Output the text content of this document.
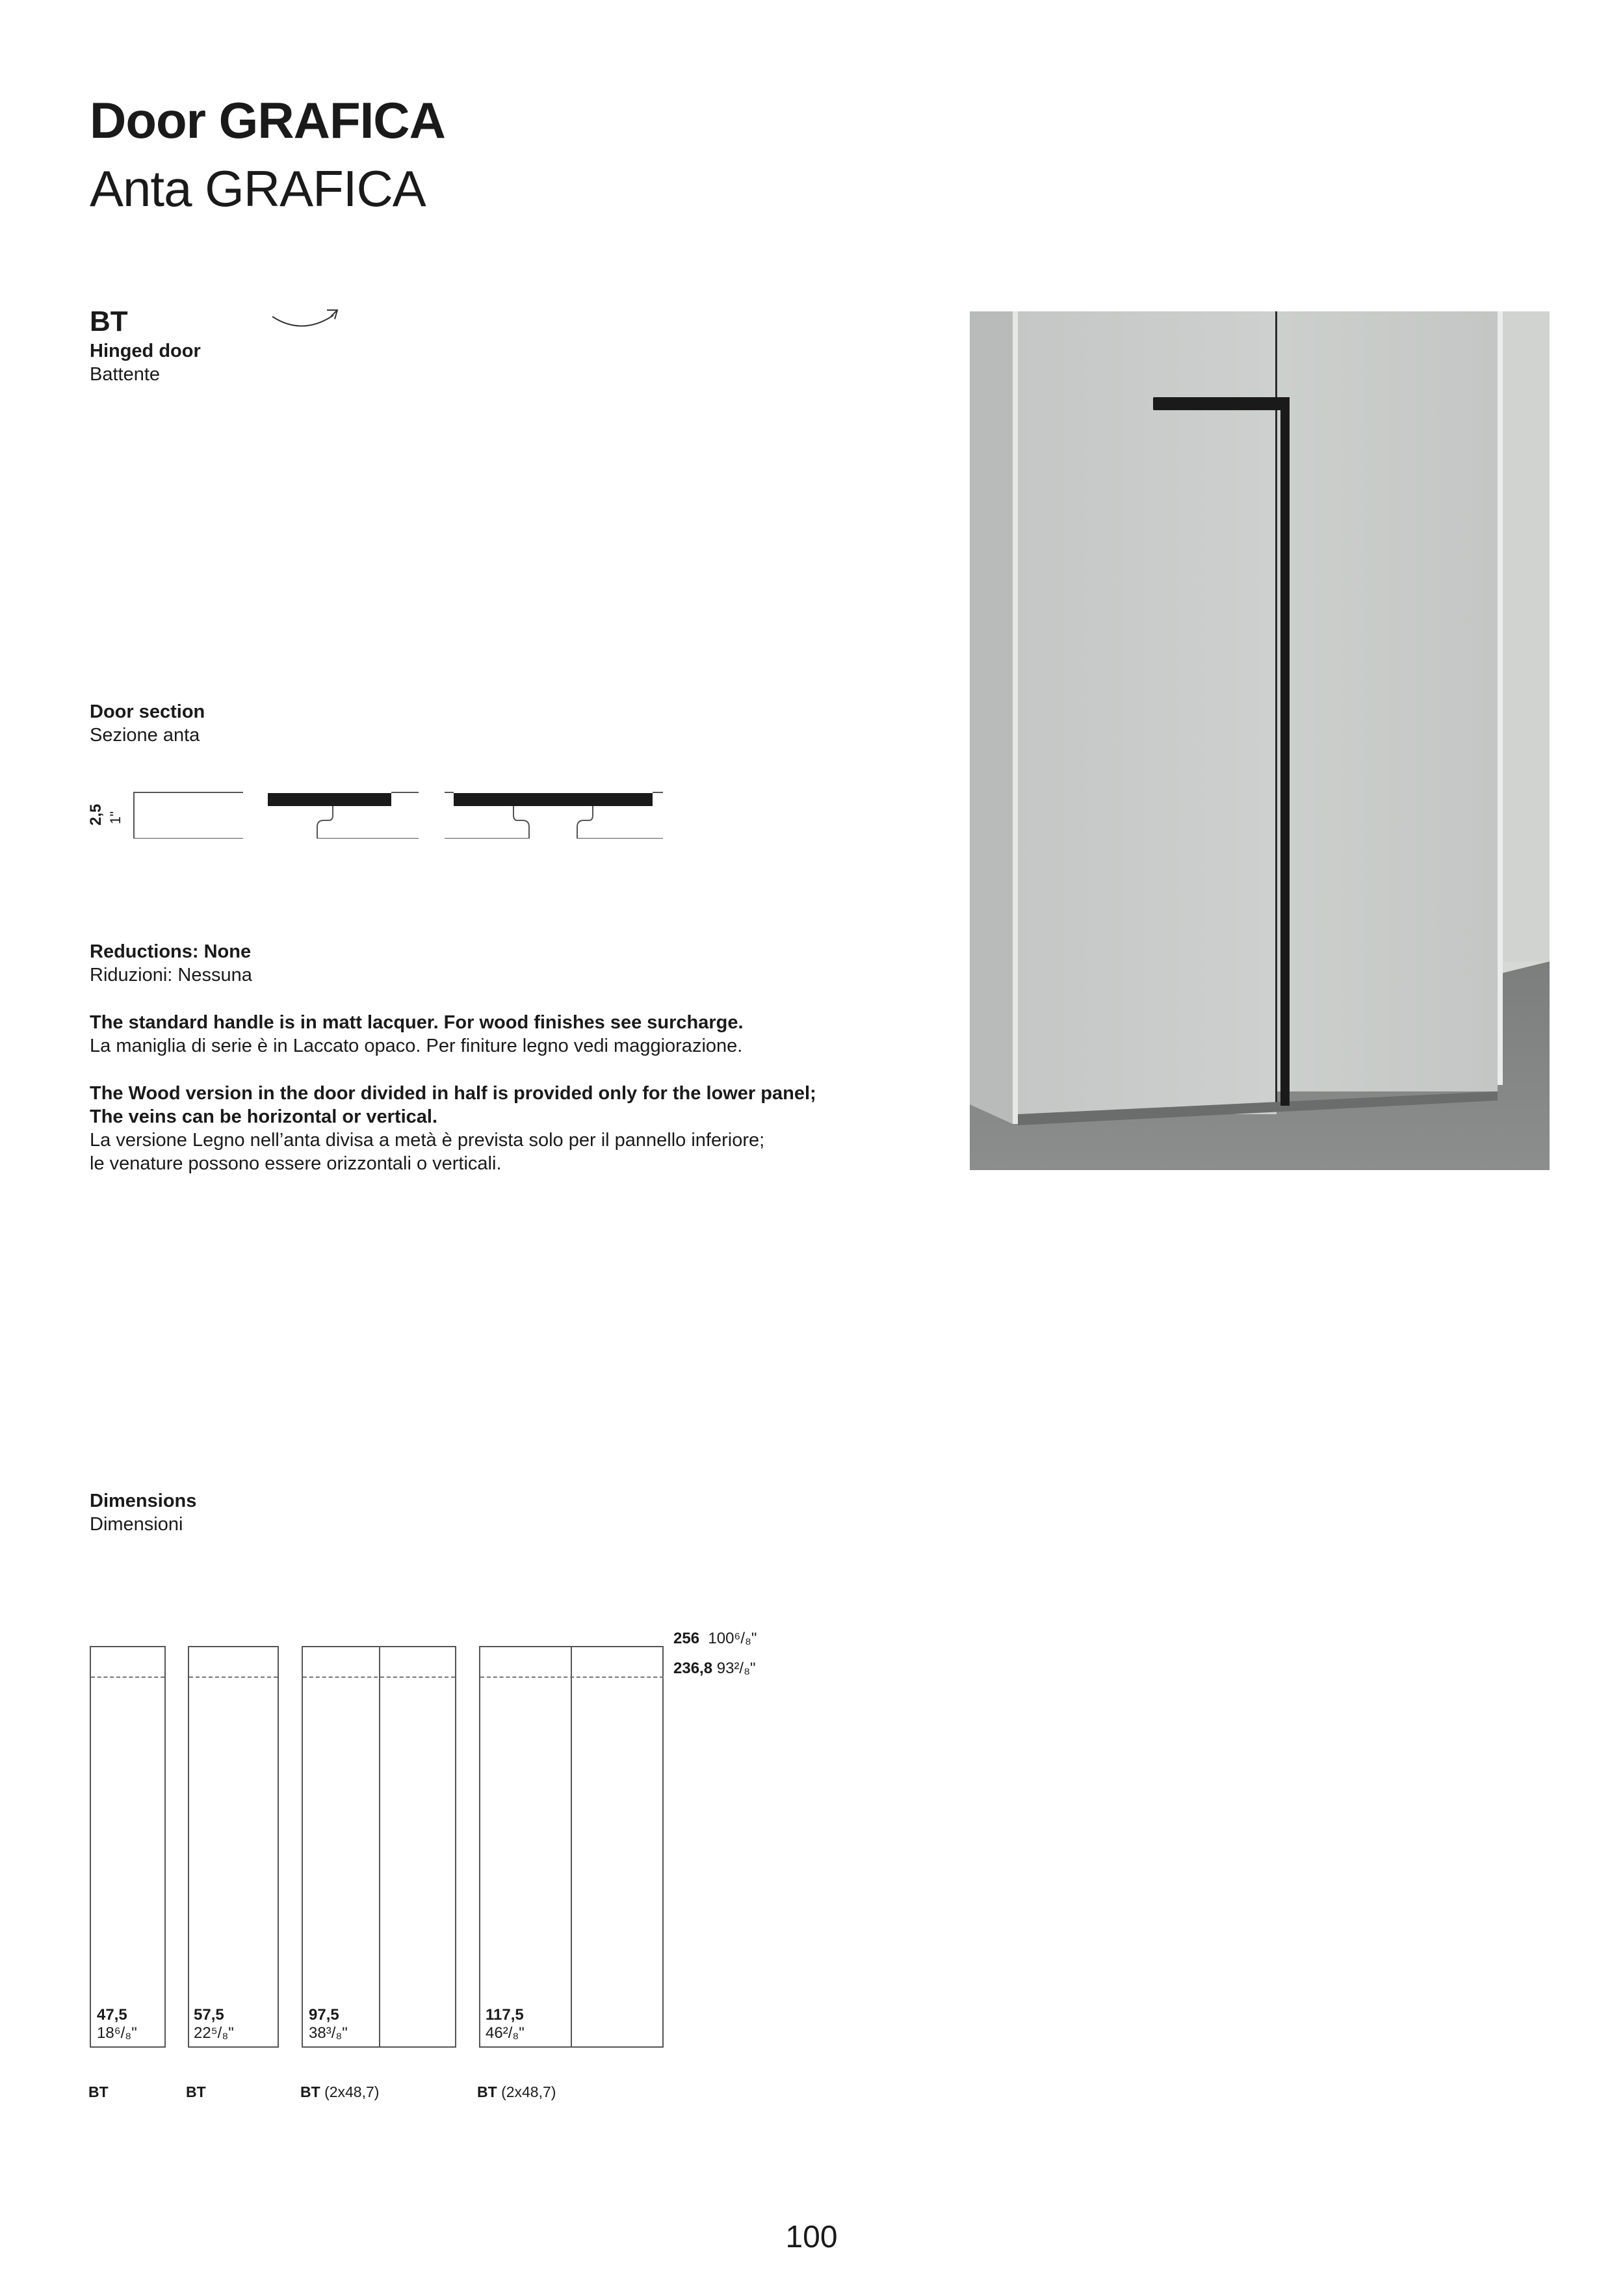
Door GRAFICA
Anta GRAFICA
BT
Hinged door
Battente
Door section
Sezione anta
2,5 1"
Reductions: None
Riduzioni: Nessuna
The standard handle is in matt lacquer. For wood finishes see surcharge.
La maniglia di serie è in Laccato opaco. Per finiture legno vedi maggiorazione.
The Wood version in the door divided in half is provided only for the lower panel;
The veins can be horizontal or vertical.
La versione Legno nell’anta divisa a metà è prevista solo per il pannello inferiore;
le venature possono essere orizzontali o verticali.
Dimensions
Dimensioni
256 100⁶/₈"
236,8 93²/₈"
47,5
18⁶/₈"
BT
57,5
22⁵/₈"
BT
97,5
38³/₈"
BT (2x48,7)
117,5
46²/₈"
BT (2x48,7)
100
